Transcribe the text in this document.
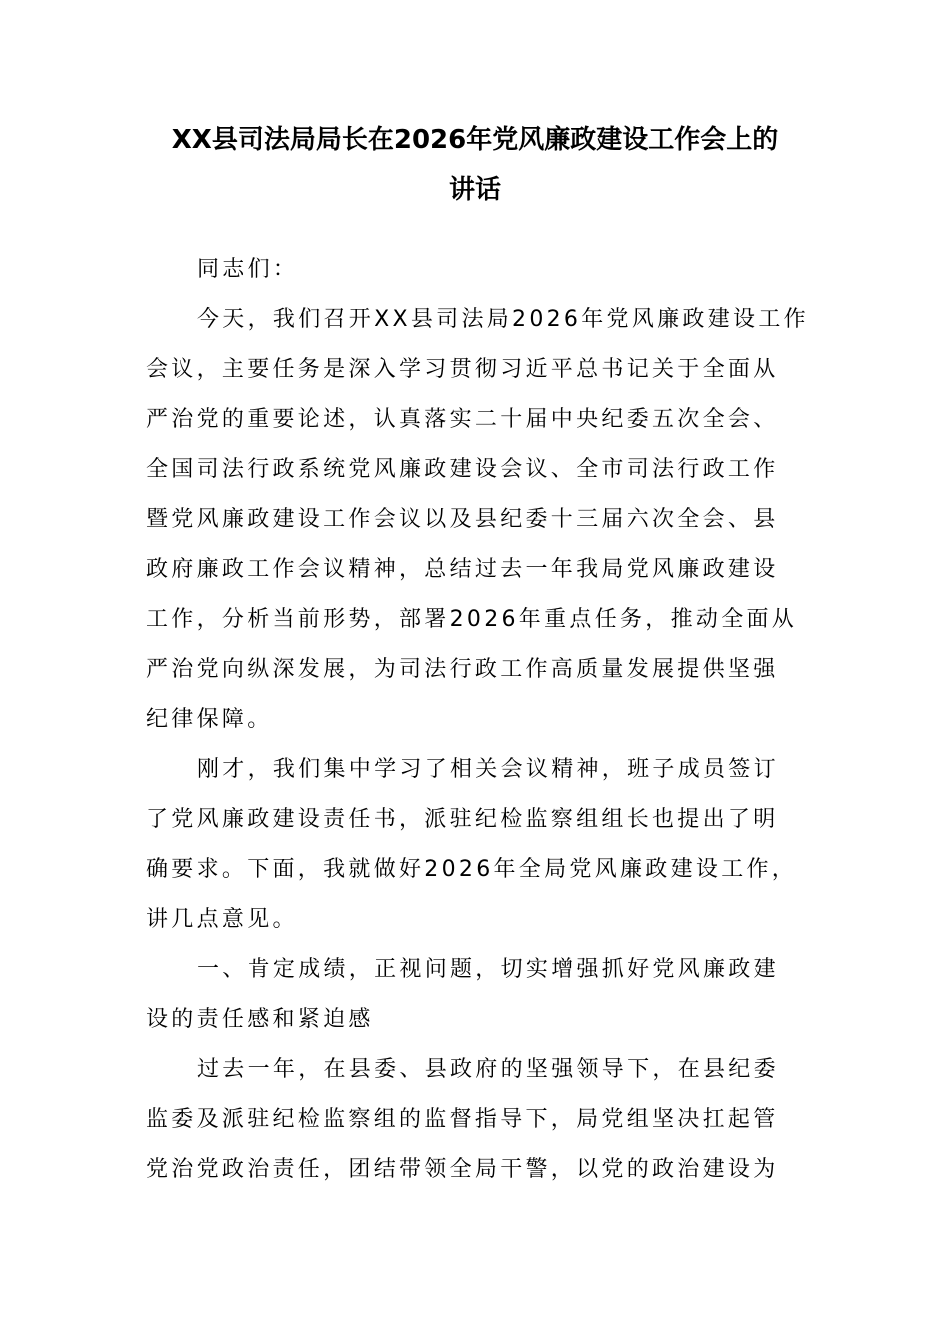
XX县司法局局长在2026年党风廉政建设工作会上的
讲话

同志们：

今天，我们召开XX县司法局2026年党风廉政建设工作
会议，主要任务是深入学习贯彻习近平总书记关于全面从
严治党的重要论述，认真落实二十届中央纪委五次全会、
全国司法行政系统党风廉政建设会议、全市司法行政工作
暨党风廉政建设工作会议以及县纪委十三届六次全会、县
政府廉政工作会议精神，总结过去一年我局党风廉政建设
工作，分析当前形势，部署2026年重点任务，推动全面从
严治党向纵深发展，为司法行政工作高质量发展提供坚强
纪律保障。

刚才，我们集中学习了相关会议精神，班子成员签订
了党风廉政建设责任书，派驻纪检监察组组长也提出了明
确要求。下面，我就做好2026年全局党风廉政建设工作，
讲几点意见。

一、肯定成绩，正视问题，切实增强抓好党风廉政建
设的责任感和紧迫感

过去一年，在县委、县政府的坚强领导下，在县纪委
监委及派驻纪检监察组的监督指导下，局党组坚决扛起管
党治党政治责任，团结带领全局干警，以党的政治建设为
